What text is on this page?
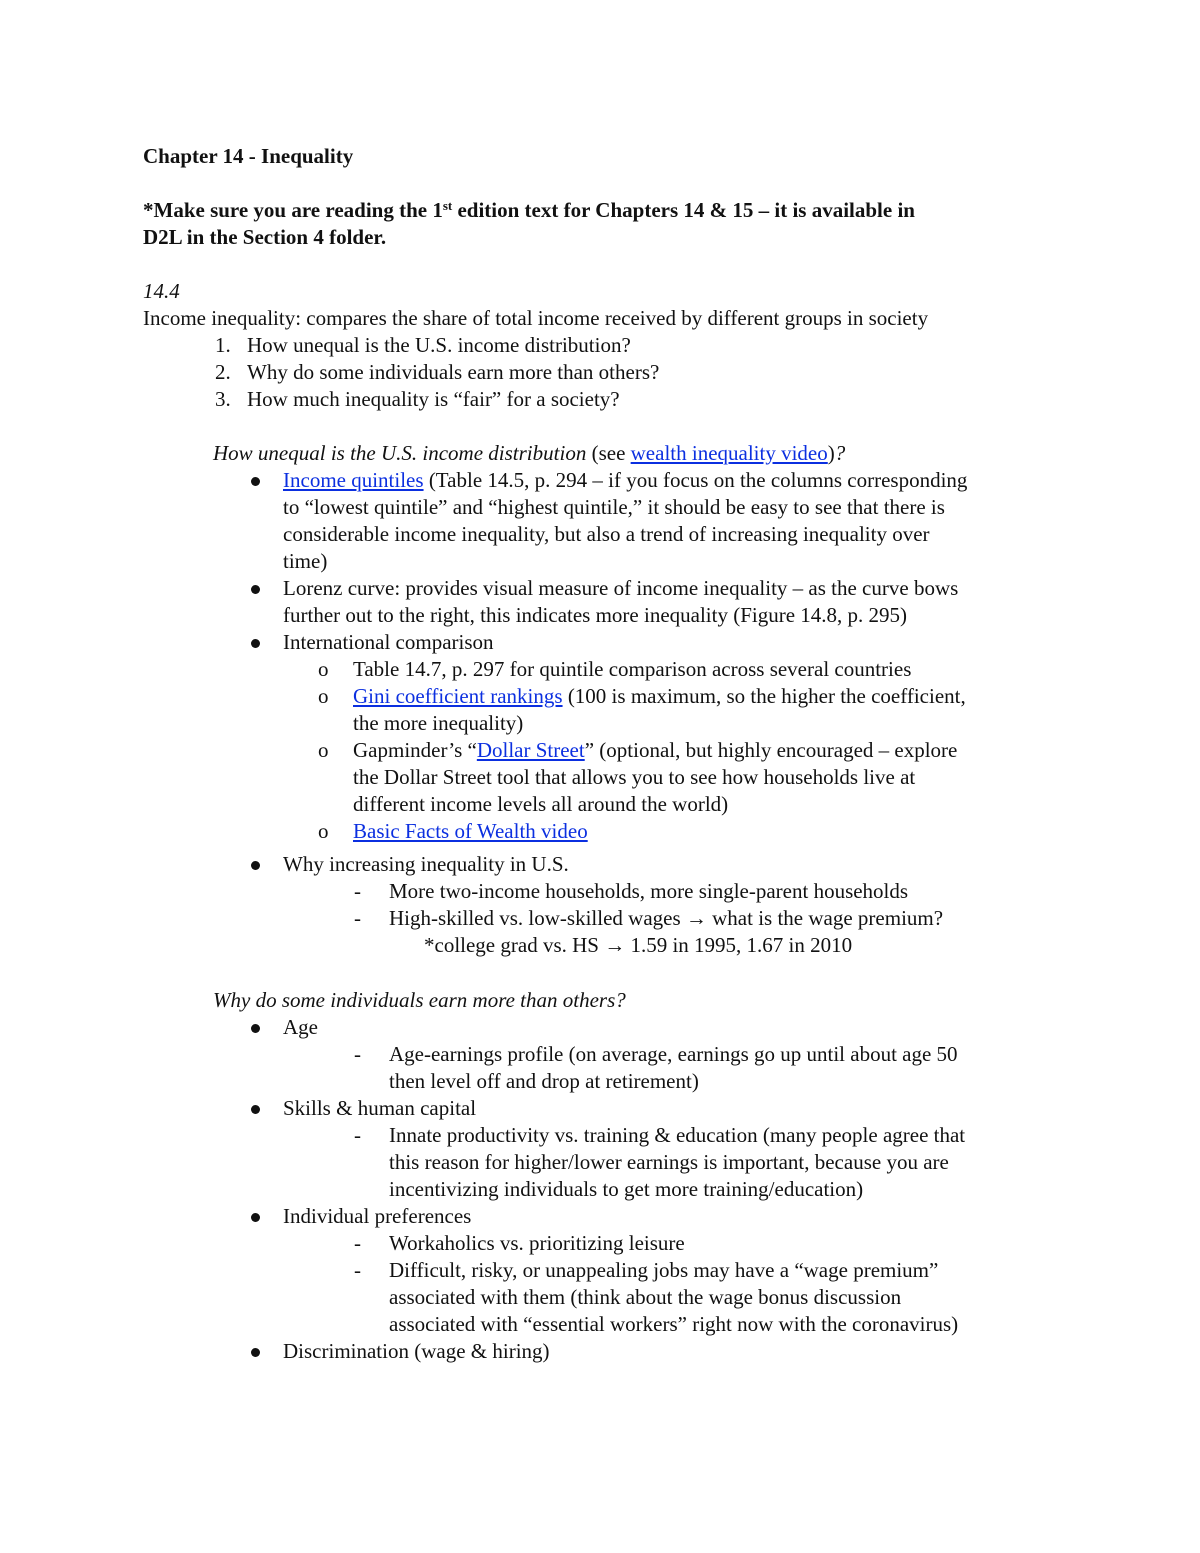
Chapter 14 - Inequality
*Make sure you are reading the 1st edition text for Chapters 14 & 15 – it is available in
D2L in the Section 4 folder.
14.4
Income inequality: compares the share of total income received by different groups in society
1. How unequal is the U.S. income distribution?
2. Why do some individuals earn more than others?
3. How much inequality is “fair” for a society?
How unequal is the U.S. income distribution (see wealth inequality video)?
Income quintiles (Table 14.5, p. 294 – if you focus on the columns corresponding
to “lowest quintile” and “highest quintile,” it should be easy to see that there is
considerable income inequality, but also a trend of increasing inequality over
time)
Lorenz curve: provides visual measure of income inequality – as the curve bows
further out to the right, this indicates more inequality (Figure 14.8, p. 295)
International comparison
o Table 14.7, p. 297 for quintile comparison across several countries
o Gini coefficient rankings (100 is maximum, so the higher the coefficient,
the more inequality)
o Gapminder’s “Dollar Street” (optional, but highly encouraged – explore
the Dollar Street tool that allows you to see how households live at
different income levels all around the world)
o Basic Facts of Wealth video
Why increasing inequality in U.S.
- More two-income households, more single-parent households
- High-skilled vs. low-skilled wages → what is the wage premium?
*college grad vs. HS → 1.59 in 1995, 1.67 in 2010
Why do some individuals earn more than others?
Age
- Age-earnings profile (on average, earnings go up until about age 50
then level off and drop at retirement)
Skills & human capital
- Innate productivity vs. training & education (many people agree that
this reason for higher/lower earnings is important, because you are
incentivizing individuals to get more training/education)
Individual preferences
- Workaholics vs. prioritizing leisure
- Difficult, risky, or unappealing jobs may have a “wage premium”
associated with them (think about the wage bonus discussion
associated with “essential workers” right now with the coronavirus)
Discrimination (wage & hiring)
